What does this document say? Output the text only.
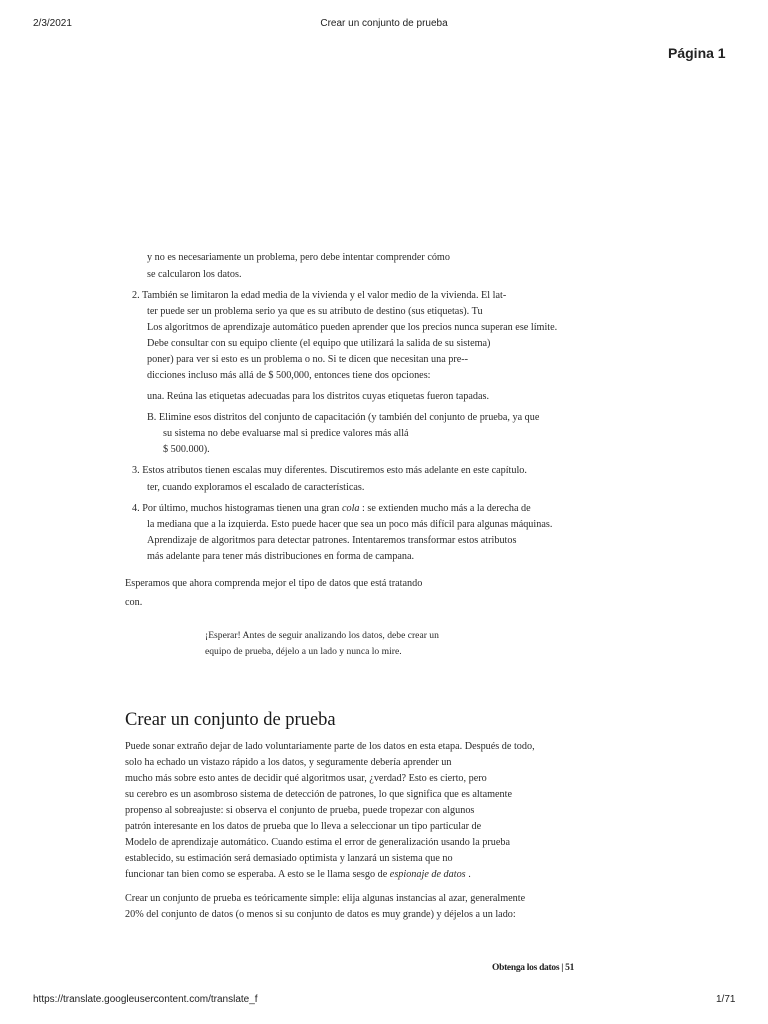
2/3/2021	Crear un conjunto de prueba
Página 1
y no es necesariamente un problema, pero debe intentar comprender cómo
se calcularon los datos.
2. También se limitaron la edad media de la vivienda y el valor medio de la vivienda. El lat-
ter puede ser un problema serio ya que es su atributo de destino (sus etiquetas). Tu
Los algoritmos de aprendizaje automático pueden aprender que los precios nunca superan ese límite.
Debe consultar con su equipo cliente (el equipo que utilizará la salida de su sistema)
poner) para ver si esto es un problema o no. Si te dicen que necesitan una pre--
dicciones incluso más allá de $ 500,000, entonces tiene dos opciones:
una. Reúna las etiquetas adecuadas para los distritos cuyas etiquetas fueron tapadas.
B. Elimine esos distritos del conjunto de capacitación (y también del conjunto de prueba, ya que
su sistema no debe evaluarse mal si predice valores más allá
$ 500.000).
3. Estos atributos tienen escalas muy diferentes. Discutiremos esto más adelante en este capítulo.
ter, cuando exploramos el escalado de características.
4. Por último, muchos histogramas tienen una gran cola : se extienden mucho más a la derecha de
la mediana que a la izquierda. Esto puede hacer que sea un poco más difícil para algunas máquinas.
Aprendizaje de algoritmos para detectar patrones. Intentaremos transformar estos atributos
más adelante para tener más distribuciones en forma de campana.
Esperamos que ahora comprenda mejor el tipo de datos que está tratando
con.
¡Esperar! Antes de seguir analizando los datos, debe crear un
equipo de prueba, déjelo a un lado y nunca lo mire.
Crear un conjunto de prueba
Puede sonar extraño dejar de lado voluntariamente parte de los datos en esta etapa. Después de todo,
solo ha echado un vistazo rápido a los datos, y seguramente debería aprender un
mucho más sobre esto antes de decidir qué algoritmos usar, ¿verdad? Esto es cierto, pero
su cerebro es un asombroso sistema de detección de patrones, lo que significa que es altamente
propenso al sobreajuste: si observa el conjunto de prueba, puede tropezar con algunos
patrón interesante en los datos de prueba que lo lleva a seleccionar un tipo particular de
Modelo de aprendizaje automático. Cuando estima el error de generalización usando la prueba
establecido, su estimación será demasiado optimista y lanzará un sistema que no
funcionar tan bien como se esperaba. A esto se le llama sesgo de espionaje de datos .
Crear un conjunto de prueba es teóricamente simple: elija algunas instancias al azar, generalmente
20% del conjunto de datos (o menos si su conjunto de datos es muy grande) y déjelos a un lado:
Obtenga los datos | 51
https://translate.googleusercontent.com/translate_f	1/71
